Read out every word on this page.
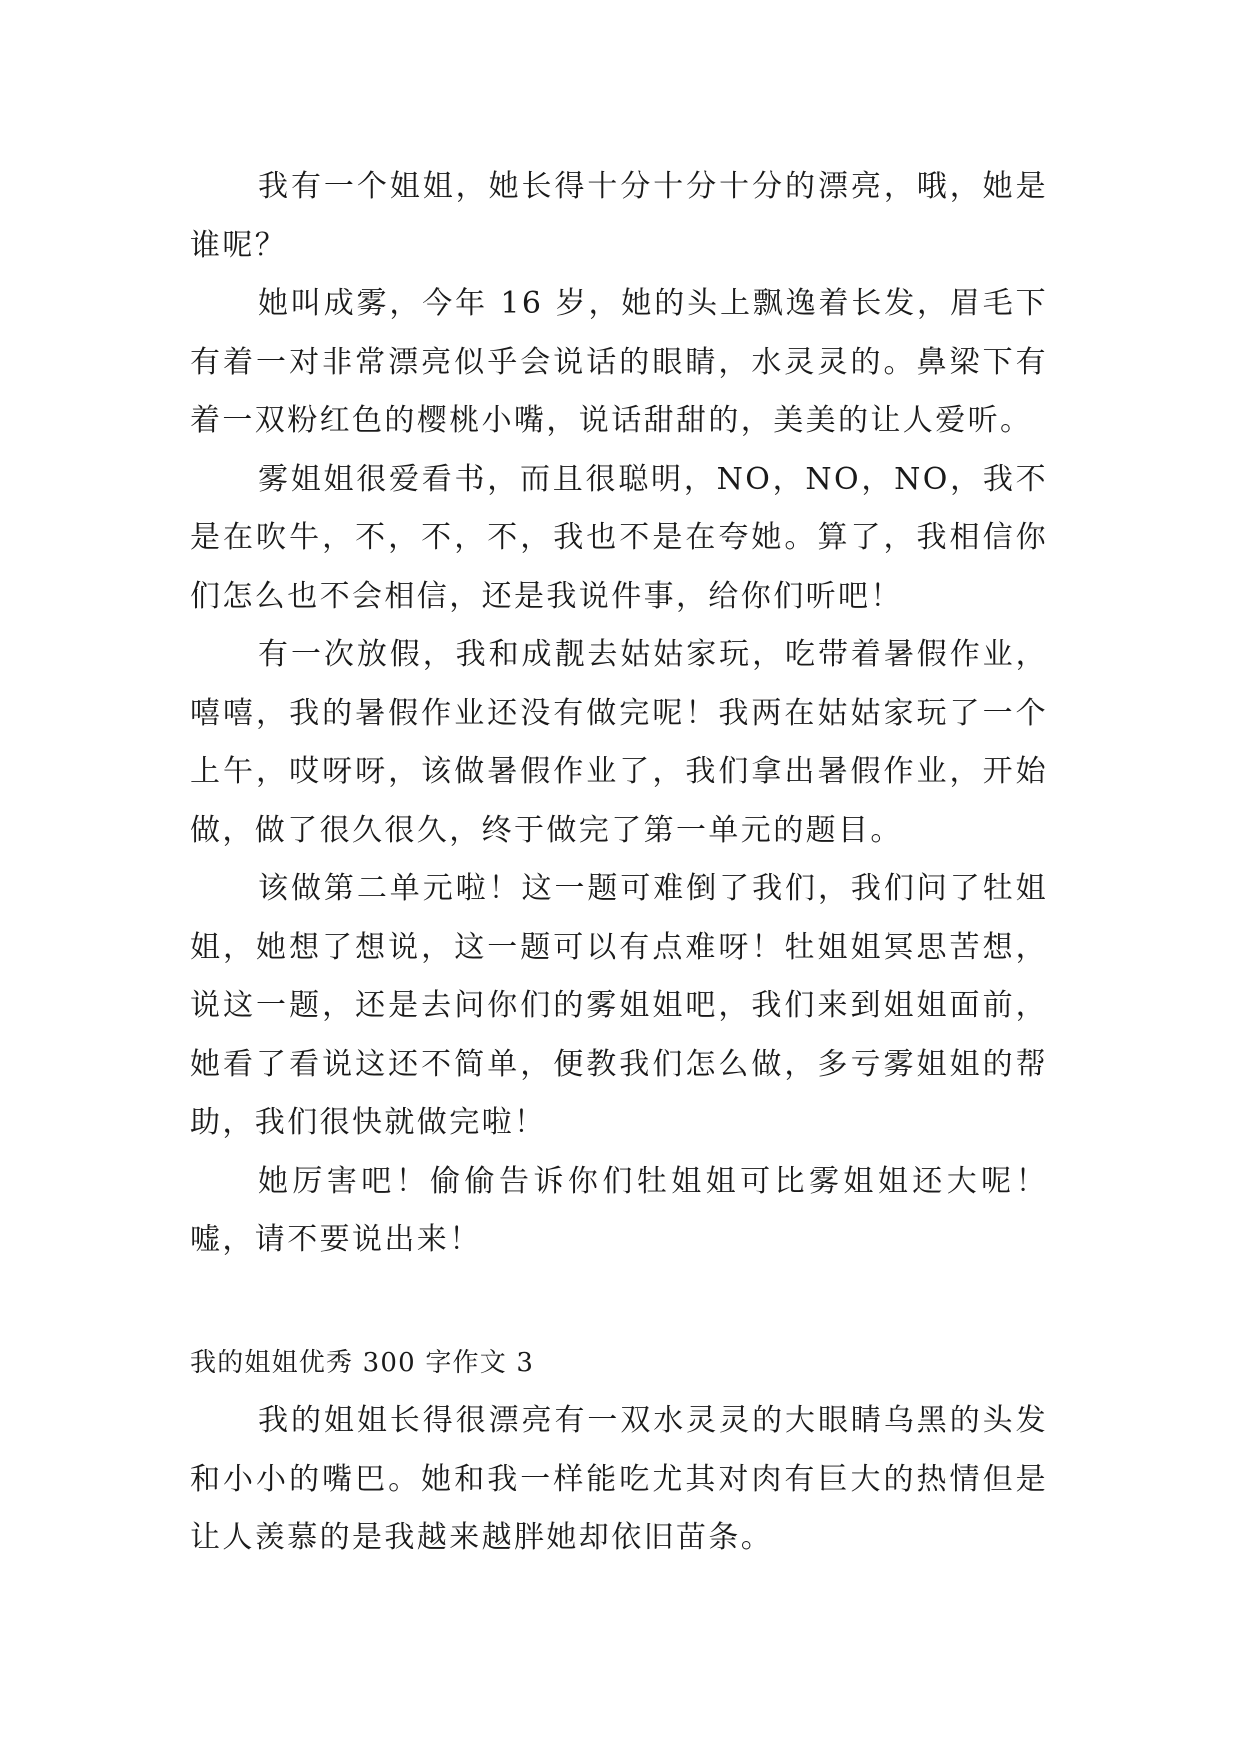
我有一个姐姐，她长得十分十分十分的漂亮，哦，她是谁呢？

她叫成雾，今年 16 岁，她的头上飘逸着长发，眉毛下有着一对非常漂亮似乎会说话的眼睛，水灵灵的。鼻梁下有着一双粉红色的樱桃小嘴，说话甜甜的，美美的让人爱听。

雾姐姐很爱看书，而且很聪明，NO，NO，NO，我不是在吹牛，不，不，不，我也不是在夸她。算了，我相信你们怎么也不会相信，还是我说件事，给你们听吧！

有一次放假，我和成靓去姑姑家玩，吃带着暑假作业，嘻嘻，我的暑假作业还没有做完呢！我两在姑姑家玩了一个上午，哎呀呀，该做暑假作业了，我们拿出暑假作业，开始做，做了很久很久，终于做完了第一单元的题目。

该做第二单元啦！这一题可难倒了我们，我们问了牡姐姐，她想了想说，这一题可以有点难呀！牡姐姐冥思苦想，说这一题，还是去问你们的雾姐姐吧，我们来到姐姐面前，她看了看说这还不简单，便教我们怎么做，多亏雾姐姐的帮助，我们很快就做完啦！

她厉害吧！偷偷告诉你们牡姐姐可比雾姐姐还大呢！嘘，请不要说出来！

我的姐姐优秀 300 字作文 3

我的姐姐长得很漂亮有一双水灵灵的大眼睛乌黑的头发和小小的嘴巴。她和我一样能吃尤其对肉有巨大的热情但是让人羡慕的是我越来越胖她却依旧苗条。
